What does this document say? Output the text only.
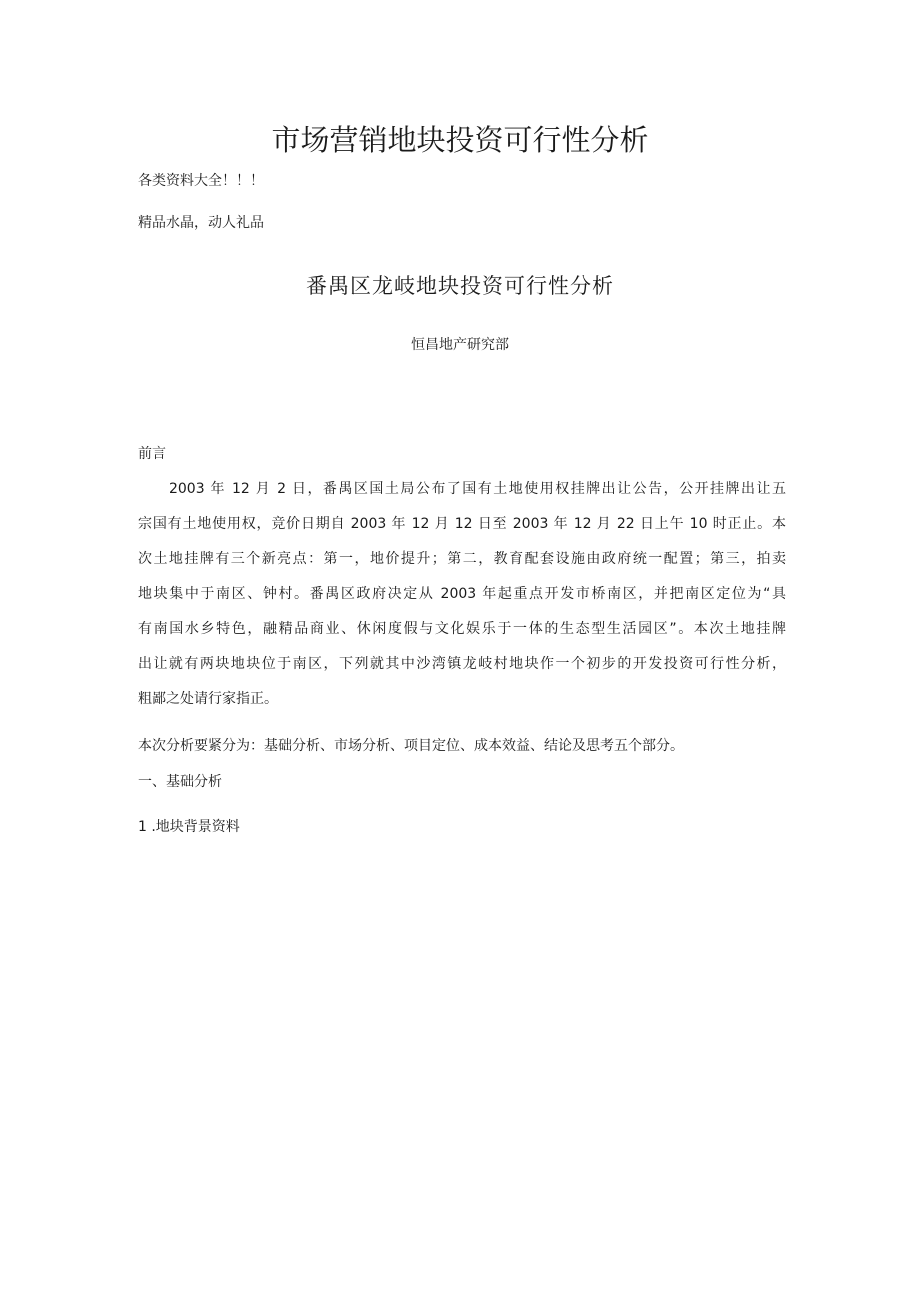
市场营销地块投资可行性分析
各类资料大全！！！
精品水晶，动人礼品
番禺区龙岐地块投资可行性分析
恒昌地产研究部
前言
　　2003 年 12 月 2 日，番禺区国土局公布了国有土地使用权挂牌出让公告，公开挂牌出让五
宗国有土地使用权，竞价日期自 2003 年 12 月 12 日至 2003 年 12 月 22 日上午 10 时正止。本
次土地挂牌有三个新亮点：第一，地价提升；第二，教育配套设施由政府统一配置；第三，拍卖
地块集中于南区、钟村。番禺区政府决定从 2003 年起重点开发市桥南区，并把南区定位为“具
有南国水乡特色，融精品商业、休闲度假与文化娱乐于一体的生态型生活园区”。本次土地挂牌
出让就有两块地块位于南区，下列就其中沙湾镇龙岐村地块作一个初步的开发投资可行性分析，
粗鄙之处请行家指正。
本次分析要紧分为：基础分析、市场分析、项目定位、成本效益、结论及思考五个部分。
一、基础分析
1 .地块背景资料
